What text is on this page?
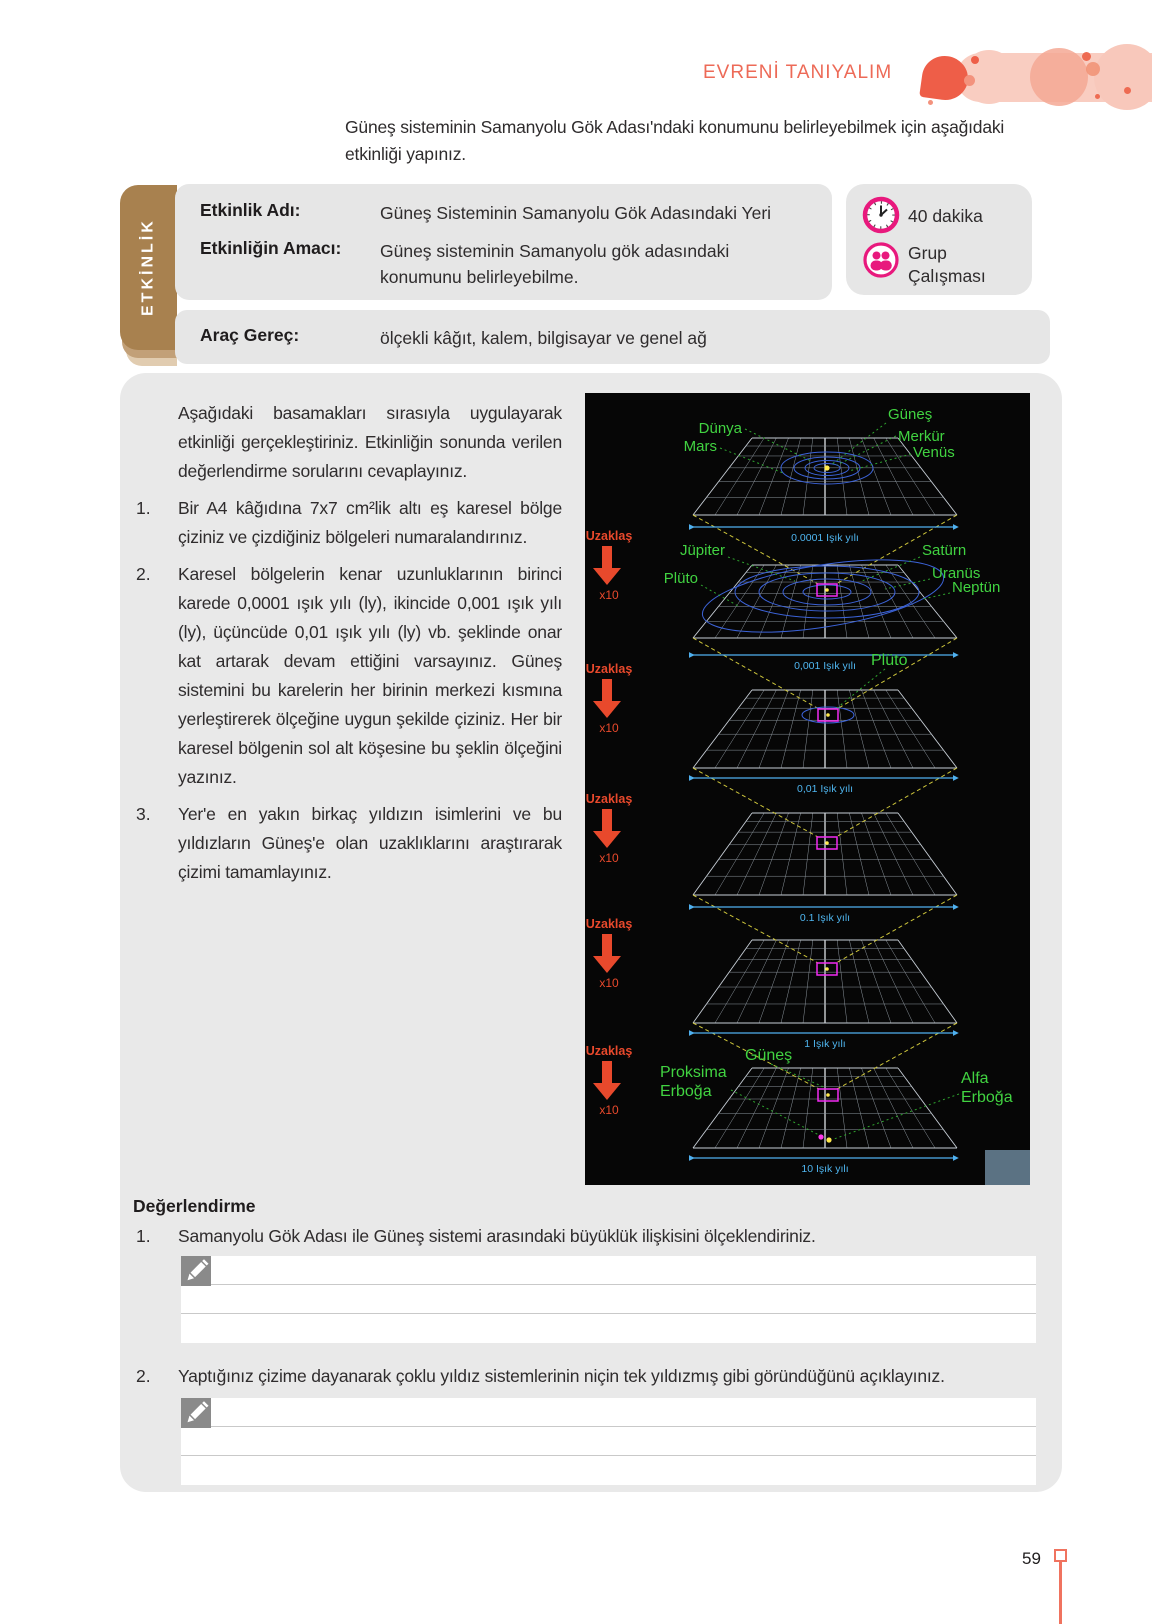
EVRENİ TANIYALIM
Güneş sisteminin Samanyolu Gök Adası'ndaki konumunu belirleyebilmek için aşağıdaki etkinliği yapınız.
ETKİNLİK
Etkinlik Adı:	Güneş Sisteminin Samanyolu Gök Adasındaki Yeri
Etkinliğin Amacı: Güneş sisteminin Samanyolu gök adasındaki konumunu belirleyebilme.
40 dakika
Grup
Çalışması
Araç Gereç:	ölçekli kâğıt, kalem, bilgisayar ve genel ağ
Aşağıdaki basamakları sırasıyla uygulayarak etkinliği gerçekleştiriniz. Etkinliğin sonunda verilen değerlendirme sorularını cevaplayınız.
1.	Bir A4 kâğıdına 7x7 cm²lik altı eş karesel bölge çiziniz ve çizdiğiniz bölgeleri numaralandırınız.
2.	Karesel bölgelerin kenar uzunluklarının birinci karede 0,0001 ışık yılı (ly), ikincide 0,001 ışık yılı (ly), üçüncüde 0,01 ışık yılı (ly) vb. şeklinde onar kat artarak devam ettiğini varsayınız. Güneş sistemini bu karelerin her birinin merkezi kısmına yerleştirerek ölçeğine uygun şekilde çiziniz. Her bir karesel bölgenin sol alt köşesine bu şeklin ölçeğini yazınız.
3.	Yer'e en yakın birkaç yıldızın isimlerini ve bu yıldızların Güneş'e olan uzaklıklarını araştırarak çizimi tamamlayınız.
0.0001 Işık yılı
0,001 Işık yılı
0,01 Işık yılı
0.1 Işık yılı
1 Işık yılı
10 Işık yılı
Dünya
Mars
Güneş
Merkür
Venüs
Jüpiter
Plüto
Satürn
Uranüs
Neptün
Plüto
Güneş
Proksima
Erboğa
Alfa
Erboğa
Uzaklaş
x10
Uzaklaş
x10
Uzaklaş
x10
Uzaklaş
x10
Uzaklaş
x10
Değerlendirme
1. Samanyolu Gök Adası ile Güneş sistemi arasındaki büyüklük ilişkisini ölçeklendiriniz.
2. Yaptığınız çizime dayanarak çoklu yıldız sistemlerinin niçin tek yıldızmış gibi göründüğünü açıklayınız.
59
